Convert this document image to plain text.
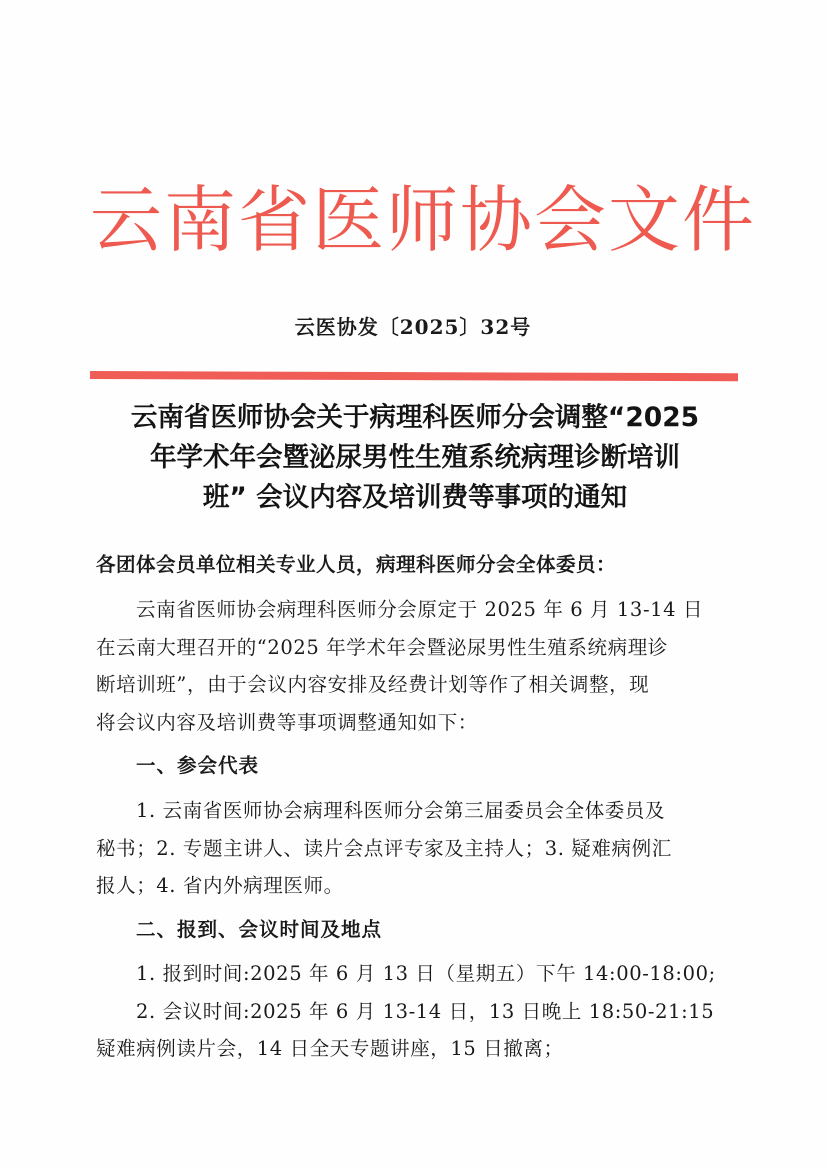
云南省医师协会文件
云医协发〔2025〕32号
云南省医师协会关于病理科医师分会调整“2025
年学术年会暨泌尿男性生殖系统病理诊断培训
班” 会议内容及培训费等事项的通知
各团体会员单位相关专业人员，病理科医师分会全体委员：
云南省医师协会病理科医师分会原定于 2025 年 6 月 13-14 日
在云南大理召开的“2025 年学术年会暨泌尿男性生殖系统病理诊
断培训班”，由于会议内容安排及经费计划等作了相关调整，现
将会议内容及培训费等事项调整通知如下：
一、参会代表
1. 云南省医师协会病理科医师分会第三届委员会全体委员及
秘书；2. 专题主讲人、读片会点评专家及主持人；3. 疑难病例汇
报人；4. 省内外病理医师。
二、报到、会议时间及地点
1. 报到时间:2025 年 6 月 13 日（星期五）下午 14:00-18:00;
2. 会议时间:2025 年 6 月 13-14 日，13 日晚上 18:50-21:15
疑难病例读片会，14 日全天专题讲座，15 日撤离；
